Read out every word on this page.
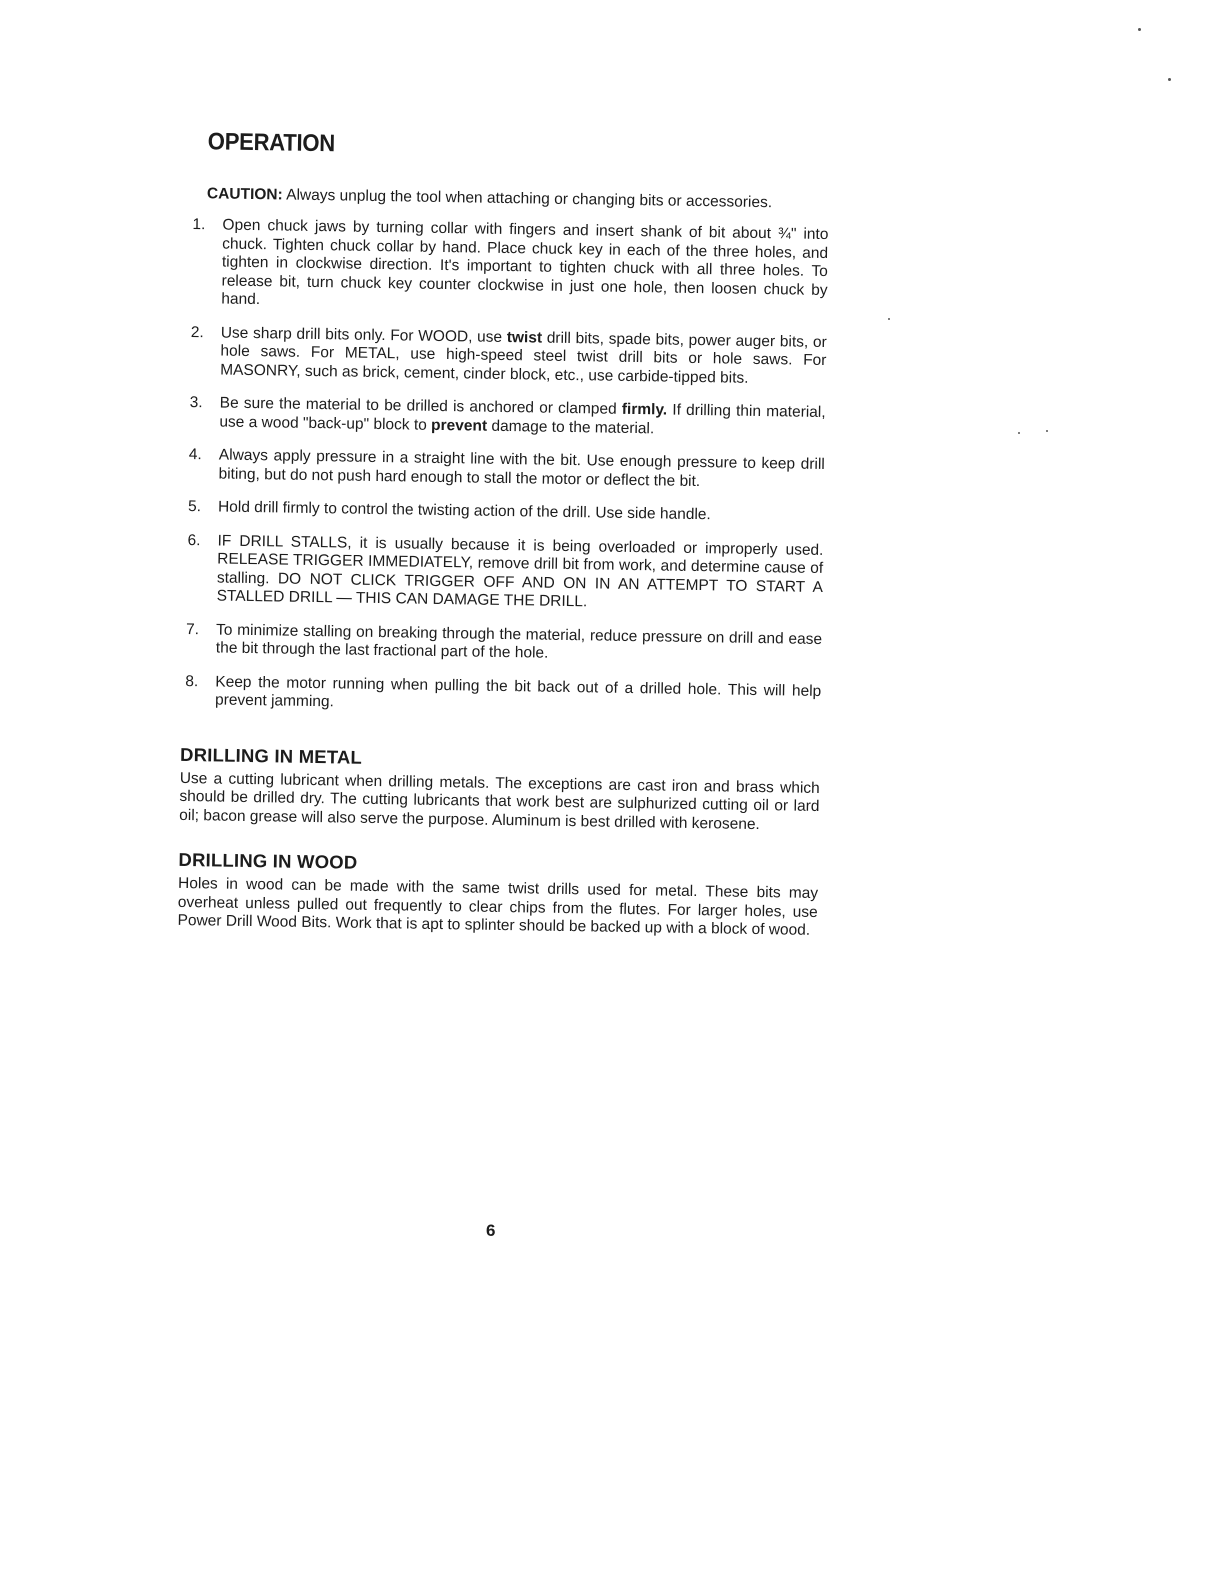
OPERATION
CAUTION: Always unplug the tool when attaching or changing bits or accessories.
1.	Open chuck jaws by turning collar with fingers and insert shank of bit about ¾" into chuck. Tighten chuck collar by hand. Place chuck key in each of the three holes, and tighten in clockwise direction. It's important to tighten chuck with all three holes. To release bit, turn chuck key counter clockwise in just one hole, then loosen chuck by hand.
2.	Use sharp drill bits only. For WOOD, use twist drill bits, spade bits, power auger bits, or hole saws. For METAL, use high-speed steel twist drill bits or hole saws. For MASONRY, such as brick, cement, cinder block, etc., use carbide-tipped bits.
3.	Be sure the material to be drilled is anchored or clamped firmly. If drilling thin material, use a wood "back-up" block to prevent damage to the material.
4.	Always apply pressure in a straight line with the bit. Use enough pressure to keep drill biting, but do not push hard enough to stall the motor or deflect the bit.
5.	Hold drill firmly to control the twisting action of the drill. Use side handle.
6.	IF DRILL STALLS, it is usually because it is being overloaded or improperly used. RELEASE TRIGGER IMMEDIATELY, remove drill bit from work, and determine cause of stalling. DO NOT CLICK TRIGGER OFF AND ON IN AN ATTEMPT TO START A STALLED DRILL — THIS CAN DAMAGE THE DRILL.
7.	To minimize stalling on breaking through the material, reduce pressure on drill and ease the bit through the last fractional part of the hole.
8.	Keep the motor running when pulling the bit back out of a drilled hole. This will help prevent jamming.
DRILLING IN METAL

Use a cutting lubricant when drilling metals. The exceptions are cast iron and brass which should be drilled dry. The cutting lubricants that work best are sulphurized cutting oil or lard oil; bacon grease will also serve the purpose. Aluminum is best drilled with kerosene.

DRILLING IN WOOD

Holes in wood can be made with the same twist drills used for metal. These bits may overheat unless pulled out frequently to clear chips from the flutes. For larger holes, use Power Drill Wood Bits. Work that is apt to splinter should be backed up with a block of wood.

6
